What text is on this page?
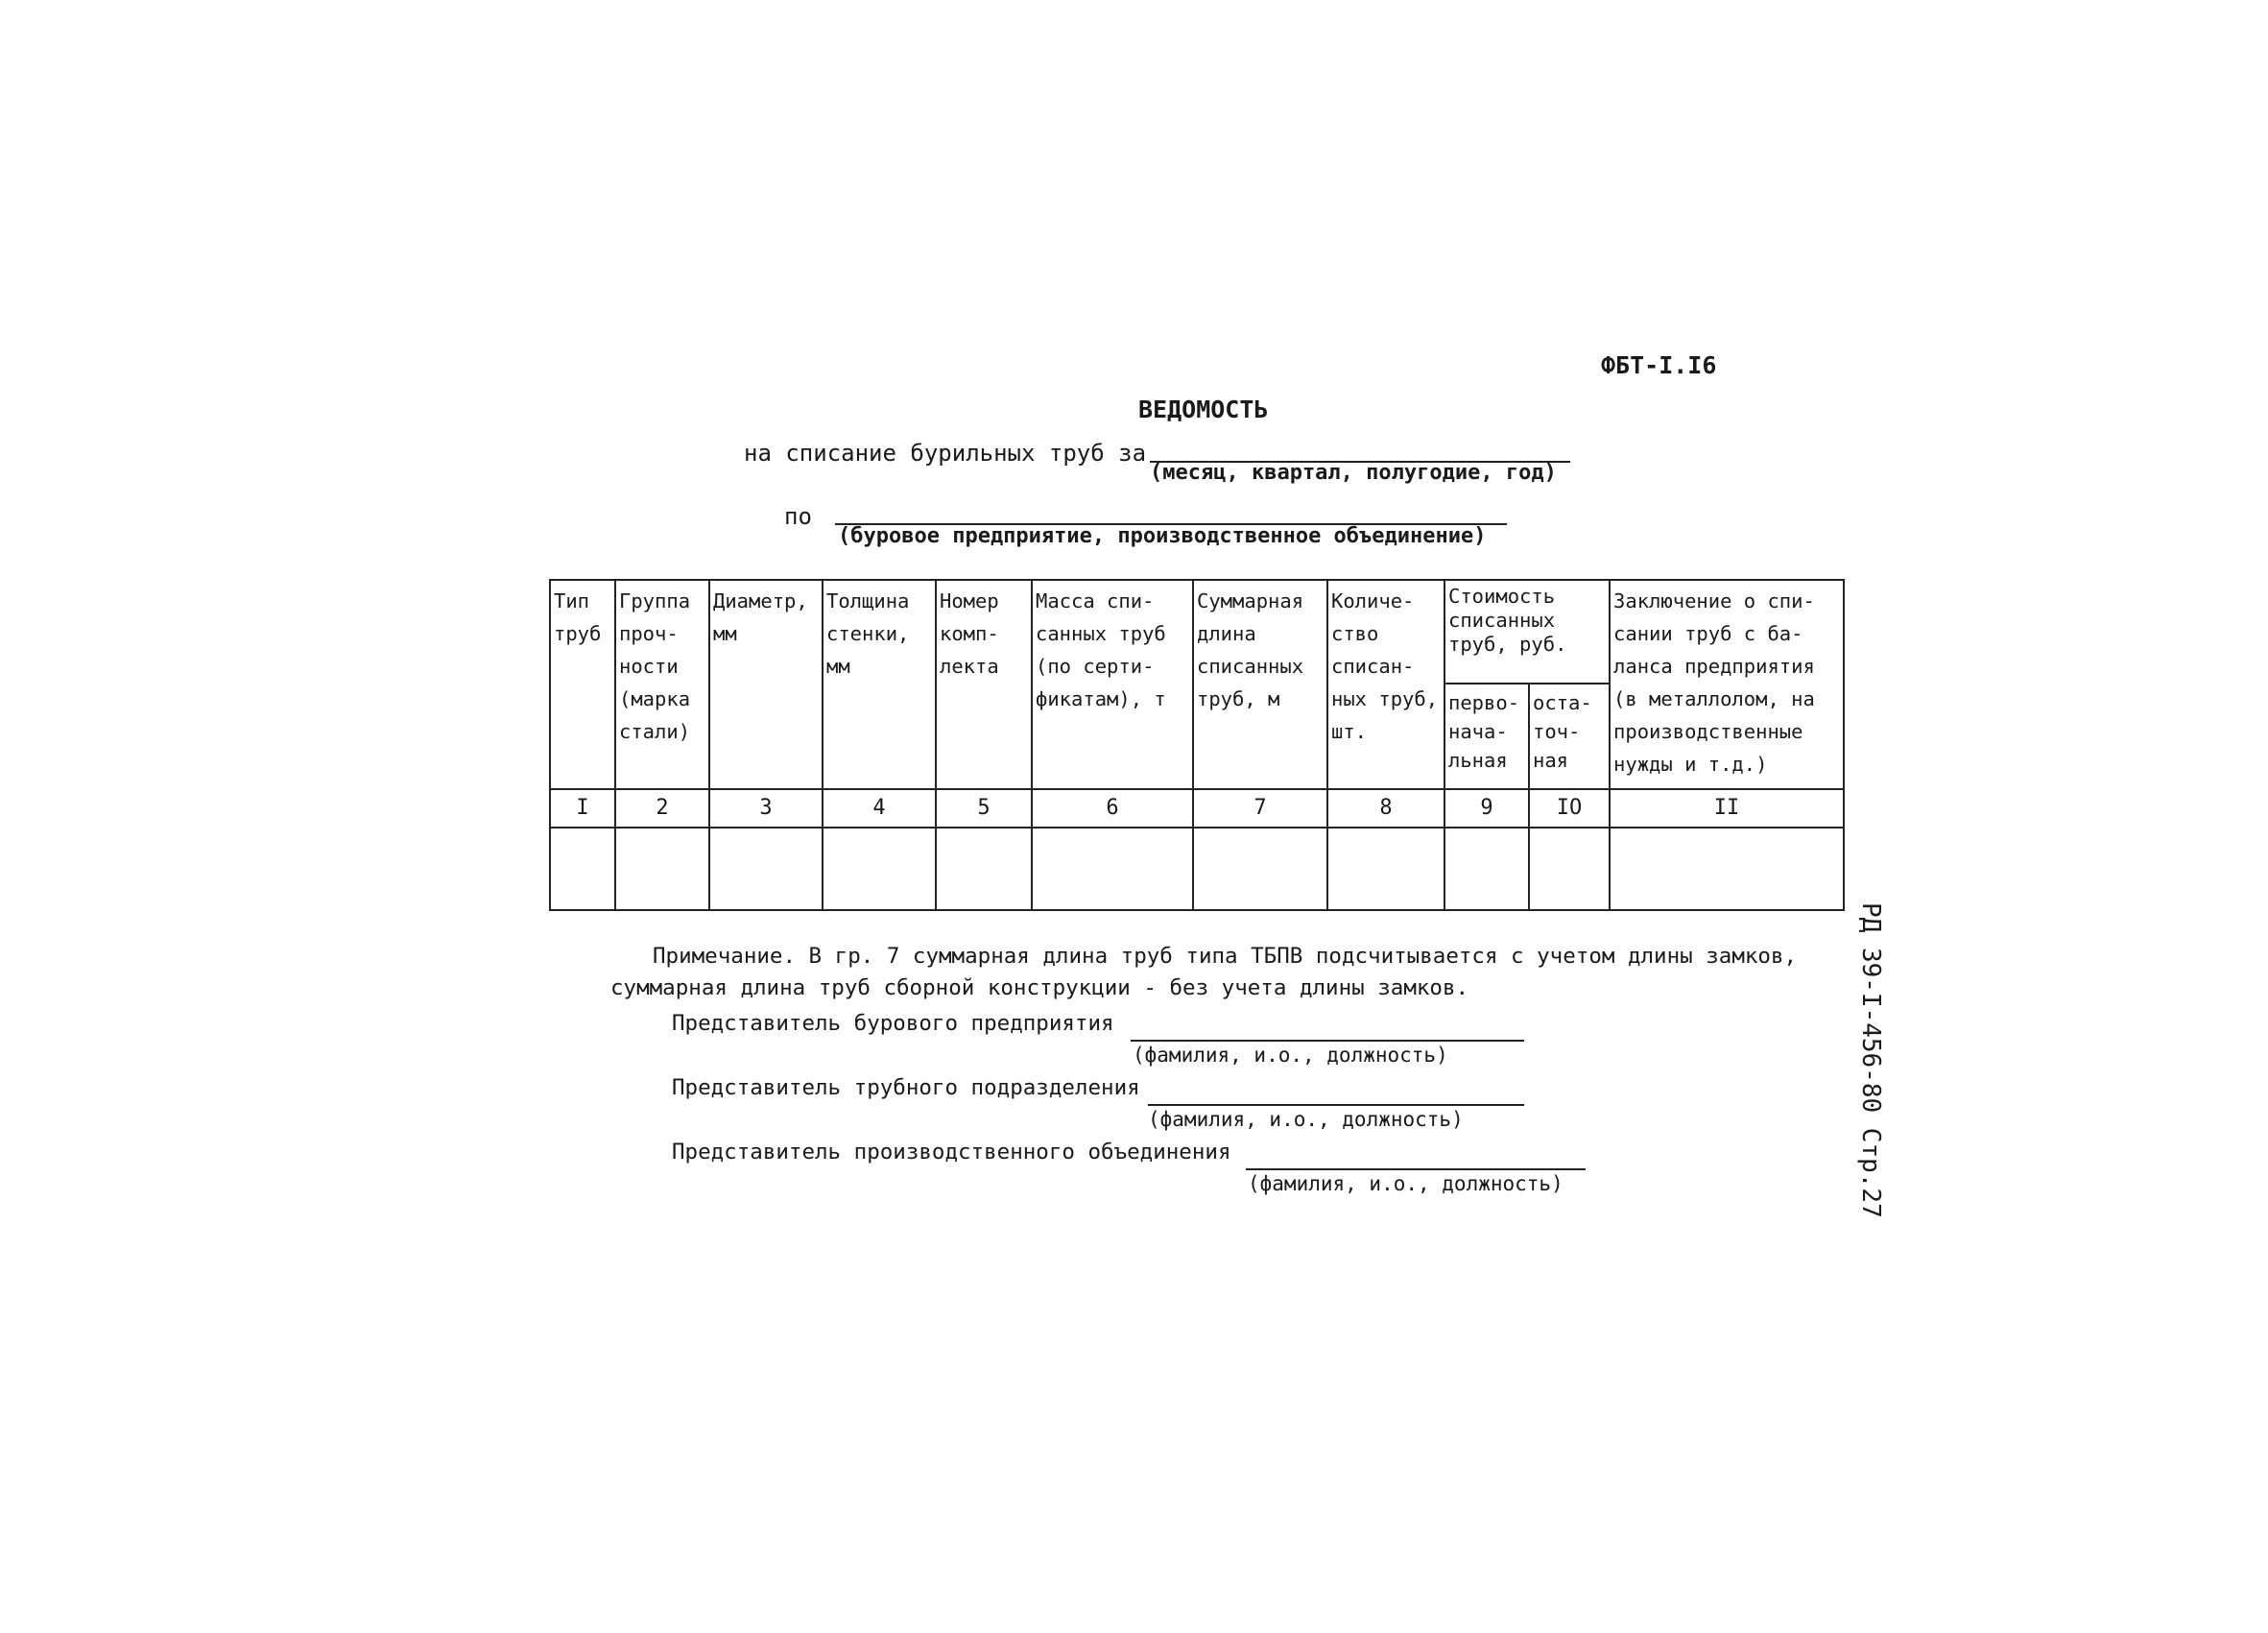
ФБТ-I.I6
ВЕДОМОСТЬ
на списание бурильных труб за
(месяц, квартал, полугодие, год)
по
(буровое предприятие, производственное объединение)
Тип труб	Группа проч-ности (марка стали)	Диаметр, мм	Толщина стенки, мм	Номер комп-лекта	Масса спи-санных труб (по серти-фикатам), т	Суммарная длина списанных труб, м	Количе-ство списан-ных труб, шт.	Стоимость списанных труб, руб.		Заключение о спи-сании труб с ба-ланса предприятия (в металлолом, на производственные нужды и т.д.)
								перво-нача-льная	оста-точ-ная	
I	2	3	4	5	6	7	8	9	IO	II

Примечание. В гр. 7 суммарная длина труб типа ТБПВ подсчитывается с учетом длины замков, суммарная длина труб сборной конструкции - без учета длины замков.
Представитель бурового предприятия
(фамилия, и.о., должность)
Представитель трубного подразделения
(фамилия, и.о., должность)
Представитель производственного объединения
(фамилия, и.о., должность)	РД 39-I-456-80 Стр.27
